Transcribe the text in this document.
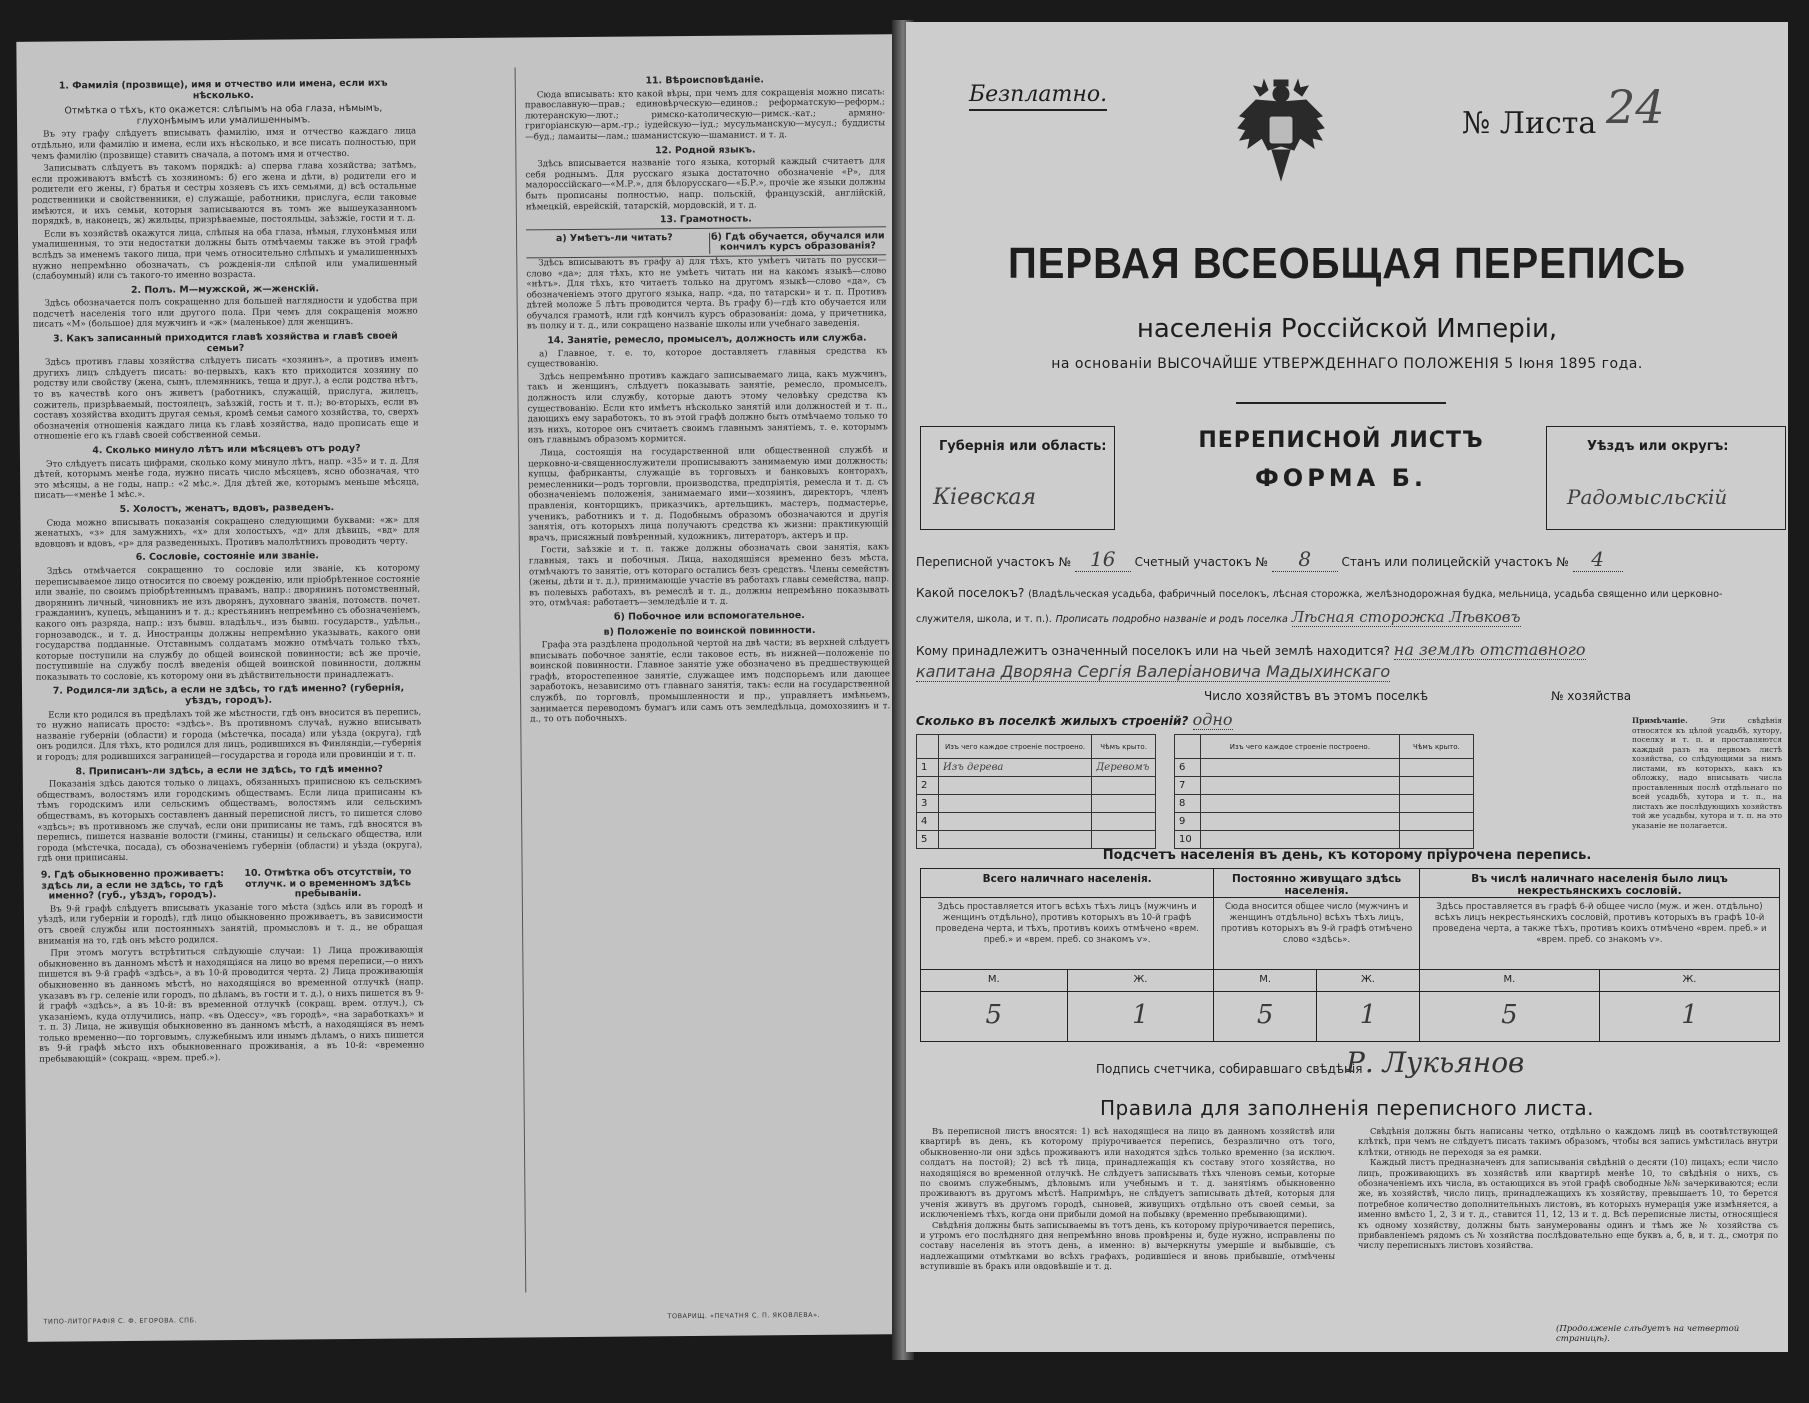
1. Фамилія (прозвище), имя и отчество или имена, если ихъ нѣсколько.
Отмѣтка о тѣхъ, кто окажется: слѣпымъ на оба глаза, нѣмымъ, глухонѣмымъ или умалишеннымъ.

Въ эту графу слѣдуетъ вписывать фамилію, имя и отчество каждаго лица отдѣльно, или фамилію и имена, если ихъ нѣсколько, и все писать полностью, при чемъ фамилію (прозвище) ставить сначала, а потомъ имя и отчество.

Записывать слѣдуетъ въ такомъ порядкѣ: а) сперва глава хозяйства; затѣмъ, если проживаютъ вмѣстѣ съ хозяиномъ: б) его жена и дѣти, в) родители его и родители его жены, г) братья и сестры хозяевъ съ ихъ семьями, д) всѣ остальные родственники и свойственники, е) служащіе, работники, прислуга, если таковые имѣются, и ихъ семьи, которыя записываются въ томъ же вышеуказанномъ порядкѣ, в, наконецъ, ж) жильцы, призрѣваемые, постояльцы, заѣзжіе, гости и т. д.

Если въ хозяйствѣ окажутся лица, слѣпыя на оба глаза, нѣмыя, глухонѣмыя или умалишенныя, то эти недостатки должны быть отмѣчаемы также въ этой графѣ вслѣдъ за именемъ такого лица, при чемъ относительно слѣпыхъ и умалишенныхъ нужно непремѣнно обозначать, съ рожденія-ли слѣпой или умалишенный (слабоумный) или съ такого-то именно возраста.

2. Полъ. М—мужской, ж—женскій.

Здѣсь обозначается полъ сокращенно для большей наглядности и удобства при подсчетѣ населенія того или другого пола. При чемъ для сокращенія можно писать «М» (большое) для мужчинъ и «ж» (маленькое) для женщинъ.

3. Какъ записанный приходится главѣ хозяйства и главѣ своей семьи?

Здѣсь противъ главы хозяйства слѣдуетъ писать «хозяинъ», а противъ именъ другихъ лицъ слѣдуетъ писать: во-первыхъ, какъ кто приходится хозяину по родству или свойству (жена, сынъ, племянникъ, теща и друг.), а если родства нѣтъ, то въ качествѣ кого онъ живетъ (работникъ, служащій, прислуга, жилецъ, сожитель, призрѣваемый, постоялецъ, заѣзжій, гость и т. п.); во-вторыхъ, если въ составъ хозяйства входитъ другая семья, кромѣ семьи самого хозяйства, то, сверхъ обозначенія отношенія каждаго лица къ главѣ хозяйства, надо прописать еще и отношеніе его къ главѣ своей собственной семьи.

4. Сколько минуло лѣтъ или мѣсяцевъ отъ роду?

Это слѣдуетъ писать цифрами, сколько кому минуло лѣтъ, напр. «35» и т. д. Для дѣтей, которымъ менѣе года, нужно писать число мѣсяцевъ, ясно обозначая, что это мѣсяцы, а не годы, напр.: «2 мѣс.». Для дѣтей же, которымъ меньше мѣсяца, писать—«менѣе 1 мѣс.».

5. Холостъ, женатъ, вдовъ, разведенъ.

Сюда можно вписывать показанія сокращено следующими буквами: «ж» для женатыхъ, «з» для замужнихъ, «х» для холостыхъ, «д» для дѣвицъ, «вд» для вдовцовъ и вдовъ, «р» для разведенныхъ. Противъ малолѣтнихъ проводить черту.

6. Сословіе, состояніе или званіе.

Здѣсь отмѣчается сокращенно то сословіе или званіе, къ которому переписываемое лицо относится по своему рожденію, или пріобрѣтенное состояніе или званіе, по своимъ пріобрѣтеннымъ правамъ, напр.: дворянинъ потомственный, дворянинъ личный, чиновникъ не изъ дворянъ, духовнаго званія, потомств. почет. гражданинъ, купецъ, мѣщанинъ и т. д.; крестьянинъ непремѣнно съ обозначеніемъ, какого онъ разряда, напр.: изъ бывш. владѣльч., изъ бывш. государств., удѣльн., горнозаводск., и т. д. Иностранцы должны непремѣнно указывать, какого они государства подданные. Отставнымъ солдатамъ можно отмѣчать только тѣхъ, которые поступили на службу до общей воинской повинности; всѣ же прочіе, поступившіе на службу послѣ введенія общей воинской повинности, должны показывать то сословіе, къ которому они въ дѣйствительности принадлежатъ.

7. Родился-ли здѣсь, а если не здѣсь, то гдѣ именно? (губернія, уѣздъ, городъ).

Если кто родился въ предѣлахъ той же мѣстности, гдѣ онъ вносится въ перепись, то нужно написать просто: «здѣсь». Въ противномъ случаѣ, нужно вписывать названіе губерніи (области) и города (мѣстечка, посада) или уѣзда (округа), гдѣ онъ родился. Для тѣхъ, кто родился для лицъ, родившихся въ Финляндіи,—губернія и городъ; для родившихся заграницей—государства и города или провинціи и т. п.

8. Приписанъ-ли здѣсь, а если не здѣсь, то гдѣ именно?

Показанія здѣсь даются только о лицахъ, обязанныхъ приписною къ сельскимъ обществамъ, волостямъ или городскимъ обществамъ. Если лица приписаны къ тѣмъ городскимъ или сельскимъ обществамъ, волостямъ или сельскимъ обществамъ, въ которыхъ составленъ данный переписной листъ, то пишется слово «здѣсь»; въ противномъ же случаѣ, если они приписаны не тамъ, гдѣ вносятся въ перепись, пишется названіе волости (гмины, станицы) и сельскаго общества, или города (мѣстечка, посада), съ обозначеніемъ губерніи (области) и уѣзда (округа), гдѣ они приписаны.

9. Гдѣ обыкновенно проживаетъ: здѣсь ли, а если не здѣсь, то гдѣ именно? (губ., уѣздъ, городъ).
10. Отмѣтка объ отсутствіи, то отлучк. и о временномъ здѣсь пребываніи.

Въ 9-й графѣ слѣдуетъ вписывать указаніе того мѣста (здѣсь или въ городѣ и уѣздѣ, или губерніи и городѣ), гдѣ лицо обыкновенно проживаетъ, въ зависимости отъ своей службы или постоянныхъ занятій, промысловъ и т. д., не обращая вниманія на то, гдѣ онъ мѣсто родился.

При этомъ могутъ встрѣтиться слѣдующіе случаи: 1) Лица проживающія обыкновенно въ данномъ мѣстѣ и находящіяся на лицо во время переписи,—о нихъ пишется въ 9-й графѣ «здѣсь», а въ 10-й проводится черта. 2) Лица проживающія обыкновенно въ данномъ мѣстѣ, но находящіяся во временной отлучкѣ (напр. указавъ въ гр. селеніе или городъ, по дѣламъ, въ гости и т. д.), о нихъ пишется въ 9-й графѣ «здѣсь», а въ 10-й: въ временной отлучкѣ (сокращ. врем. отлуч.), съ указаніемъ, куда отлучились, напр. «въ Одессу», «въ городѣ», «на заработкахъ» и т. п. 3) Лица, не живущія обыкновенно въ данномъ мѣстѣ, а находящіяся въ немъ только временно—по торговымъ, служебнымъ или инымъ дѣламъ, о нихъ пишется въ 9-й графѣ мѣсто ихъ обыкновеннаго проживанія, а въ 10-й: «временно пребывающій» (сокращ. «врем. преб.»).

11. Вѣроисповѣданіе.

Сюда вписывать: кто какой вѣры, при чемъ для сокращенія можно писать: православную—прав.; единовѣрческую—единов.; реформатскую—реформ.; лютеранскую—лют.; римско-католическую—римск.-кат.; армяно-григоріанскую—арм.-гр.; іудейскую—іуд.; мусульманскую—мусул.; буддисты—буд.; ламаиты—лам.; шаманистскую—шаманист. и т. д.

12. Родной языкъ.

Здѣсь вписывается названіе того языка, который каждый считаетъ для себя роднымъ. Для русскаго языка достаточно обозначеніе «Р», для малороссійскаго—«М.Р.», для бѣлорусскаго—«Б.Р.», прочіе же языки должны быть прописаны полностью, напр. польскій, французскій, англійскій, нѣмецкій, еврейскій, татарскій, мордовскій, и т. д.

13. Грамотность.
а) Умѣетъ-ли читать?	б) Гдѣ обучается, обучался или кончилъ курсъ образованія?

Здѣсь вписываютъ въ графу а) для тѣхъ, кто умѣетъ читать по русски—слово «да»; для тѣхъ, кто не умѣетъ читать ни на какомъ языкѣ—слово «нѣтъ». Для тѣхъ, кто читаетъ только на другомъ языкѣ—слово «да», съ обозначеніемъ этого другого языка, напр. «да, по татарски» и т. п. Противъ дѣтей моложе 5 лѣтъ проводится черта. Въ графу б)—гдѣ кто обучается или обучался грамотѣ, или гдѣ кончилъ курсъ образованія: дома, у причетника, въ полку и т. д., или сокращено названіе школы или учебнаго заведенія.

14. Занятіе, ремесло, промыселъ, должность или служба.

а) Главное, т. е. то, которое доставляетъ главныя средства къ существованію.

Здѣсь непремѣнно противъ каждаго записываемаго лица, какъ мужчинъ, такъ и женщинъ, слѣдуетъ показывать занятіе, ремесло, промыселъ, должность или службу, которые даютъ этому человѣку средства къ существованію. Если кто имѣетъ нѣсколько занятій или должностей и т. п., дающихъ ему заработокъ, то въ этой графѣ должно быть отмѣчаемо только то изъ нихъ, которое онъ считаетъ своимъ главнымъ занятіемъ, т. е. которымъ онъ главнымъ образомъ кормится.

Лица, состоящія на государственной или общественной службѣ и церковно-и-священнослужители прописываютъ занимаемую ими должность; купцы, фабриканты, служащіе въ торговыхъ и банковыхъ конторахъ, ремесленники—родъ торговли, производства, предпріятія, ремесла и т. д. съ обозначеніемъ положенія, занимаемаго ими—хозяинъ, директоръ, членъ правленія, конторщикъ, приказчикъ, артельщикъ, мастеръ, подмастерье, ученикъ, работникъ и т. д. Подобнымъ образомъ обозначаются и другія занятія, отъ которыхъ лица получаютъ средства къ жизни: практикующій врачъ, присяжный повѣренный, художникъ, литераторъ, актеръ и пр.

Гости, заѣзжіе и т. п. также должны обозначать свои занятія, какъ главныя, такъ и побочныя. Лица, находящіяся временно безъ мѣста, отмѣчаютъ то занятіе, отъ котораго остались безъ средствъ. Члены семействъ (жены, дѣти и т. д.), принимающіе участіе въ работахъ главы семейства, напр. въ полевыхъ работахъ, въ ремеслѣ и т. д., должны непремѣнно показывать это, отмѣчая: работаетъ—земледѣліе и т. д.

б) Побочное или вспомогательное.
в) Положеніе по воинской повинности.

Графа эта раздѣлена продольной чертой на двѣ части; въ верхней слѣдуетъ вписывать побочное занятіе, если таковое есть, въ нижней—положеніе по воинской повинности. Главное занятіе уже обозначено въ предшествующей графѣ, второстепенное занятіе, служащее имъ подспорьемъ или дающее заработокъ, независимо отъ главнаго занятія, такъ: если на государственной службѣ, по торговлѣ, промышленности и пр., управляетъ имѣньемъ, занимается переводомъ бумагъ или самъ отъ земледѣльца, домохозяинъ и т. д., то отъ побочныхъ.

ТИПО-ЛИТОГРАФІЯ С. Ф. ЕГОРОВА. СПБ.
ТОВАРИЩ. «ПЕЧАТНЯ С. П. ЯКОВЛЕВА».
Безплатно.
№ Листа 24
ПЕРВАЯ ВСЕОБЩАЯ ПЕРЕПИСЬ
населенія Россійской Имперіи,
на основаніи ВЫСОЧАЙШЕ УТВЕРЖДЕННАГО ПОЛОЖЕНІЯ 5 Іюня 1895 года.
Губернія или область:
Кіевская
ПЕРЕПИСНОЙ ЛИСТЪ
ФОРМА Б.
Уѣздъ или округъ:
Радомысльскій
Переписной участокъ № 16 Счетный участокъ № 8	Станъ или полицейскій участокъ № 4
Какой поселокъ? (Владѣльческая усадьба, фабричный поселокъ, лѣсная сторожка, желѣзнодорожная будка, мельница, усадьба священно или церковно-служителя, школа, и т. п.). Прописать подробно названіе и родъ поселка Лѣсная сторожка Лѣвковъ
Кому принадлежитъ означенный поселокъ или на чьей землѣ находится? на землѣ отставного
капитана Дворяна Сергія Валеріановича Мадыхинскаго
Число хозяйствъ въ этомъ поселкѣ	№ хозяйства
Сколько въ поселкѣ жилыхъ строеній? одно
	Изъ чего каждое строеніе построено.	Чѣмъ крыто.
1	Изъ дерева	Деревомъ
2		
3		
4		
5		
	Изъ чего каждое строеніе построено.	Чѣмъ крыто.
6		
7		
8		
9		
10		
Примѣчаніе.	Эти свѣдѣнія относятся къ цѣлой усадьбѣ, хутору, поселку и т. п. и проставляются каждый разъ на первомъ листѣ хозяйства, со слѣдующими за нимъ листами, въ которыхъ, какъ къ обложку, надо вписывать числа проставленныя послѣ отдѣльнаго по всей усадьбѣ, хутора и т. п., на листахъ же послѣдующихъ хозяйствъ той же усадьбы, хутора и т. п. на это указаніе не полагается.
Подсчетъ населенія въ день, къ которому пріурочена перепись.
Всего наличнаго населенія.		Постоянно живущаго здѣсь населенія.		Въ числѣ наличнаго населенія было лицъ некрестьянскихъ сословій.	
Здѣсь проставляется итогъ всѣхъ тѣхъ лицъ (мужчинъ и женщинъ отдѣльно), противъ которыхъ въ 10-й графѣ проведена черта, и тѣхъ, противъ коихъ отмѣчено «врем. преб.» и «врем. преб. со знакомъ ѵ».		Сюда вносится общее число (мужчинъ и женщинъ отдѣльно) всѣхъ тѣхъ лицъ, противъ которыхъ въ 9-й графѣ отмѣчено слово «здѣсь».		Здѣсь проставляется въ графѣ 6-й общее число (муж. и жен. отдѣльно) всѣхъ лицъ некрестьянскихъ сословій, противъ которыхъ въ графѣ 10-й проведена черта, а также тѣхъ, противъ коихъ отмѣчено «врем. преб.» и «врем. преб. со знакомъ ѵ».	
М.	Ж.	М.	Ж.	М.	Ж.
5	1	5	1	5	1
Подпись счетчика, собиравшаго свѣдѣнія
Р. Лукьянов
Правила для заполненія переписного листа.

Въ переписной листъ вносятся: 1) всѣ находящіеся на лицо въ данномъ хозяйствѣ или квартирѣ въ день, къ которому пріурочивается перепись, безразлично отъ того, обыкновенно-ли они здѣсь проживаютъ или находятся здѣсь только временно (за исключ. солдатъ на постой); 2) всѣ тѣ лица, принадлежащія къ составу этого хозяйства, но находящіяся во временной отлучкѣ. Не слѣдуетъ записывать тѣхъ членовъ семьи, которые по своимъ служебнымъ, дѣловымъ или учебнымъ и т. д. занятіямъ обыкновенно проживаютъ въ другомъ мѣстѣ. Напримѣръ, не слѣдуетъ записывать дѣтей, которыя для ученія живутъ въ другомъ городѣ, сыновей, живущихъ отдѣльно отъ своей семьи, за исключеніемъ тѣхъ, когда они прибыли домой на побывку (временно пребывающими).

Свѣдѣнія должны быть записываемы въ тотъ день, къ которому пріурочивается перепись, и утромъ его послѣдняго дня непремѣнно вновь провѣрены и, буде нужно, исправлены по составу населенія въ этотъ день, а именно: в) вычеркнуты умершіе и выбывшіе, съ надлежащими отмѣтками во всѣхъ графахъ, родившіеся и вновь прибывшіе, отмѣчены вступившіе въ бракъ или овдовѣвшіе и т. д.

Свѣдѣнія должны быть написаны четко, отдѣльно о каждомъ лицѣ въ соотвѣтствующей клѣткѣ, при чемъ не слѣдуетъ писать такимъ образомъ, чтобы вся запись умѣстилась внутри клѣтки, отнюдь не переходя за ея рамки.

Каждый листъ предназначенъ для записыванія свѣдѣній о десяти (10) лицахъ; если число лицъ, проживающихъ въ хозяйствѣ или квартирѣ менѣе 10, то свѣдѣнія о нихъ, съ обозначеніемъ ихъ числа, въ остающихся въ этой графѣ свободные №№ зачеркиваются; если же, въ хозяйствѣ, число лицъ, принадлежащихъ къ хозяйству, превышаетъ 10, то берется потребное количество дополнительныхъ листовъ, въ которыхъ нумерація уже измѣняется, а именно вмѣсто 1, 2, 3 и т. д., ставится 11, 12, 13 и т. д. Всѣ переписные листы, относящіеся къ одному хозяйству, должны быть занумерованы одинъ и тѣмъ же № хозяйства съ прибавленіемъ рядомъ съ № хозяйства послѣдовательно еще буквъ а, б, в, и т. д., смотря по числу переписныхъ листовъ хозяйства.

(Продолженіе слѣдуетъ на четвертой страницѣ).
